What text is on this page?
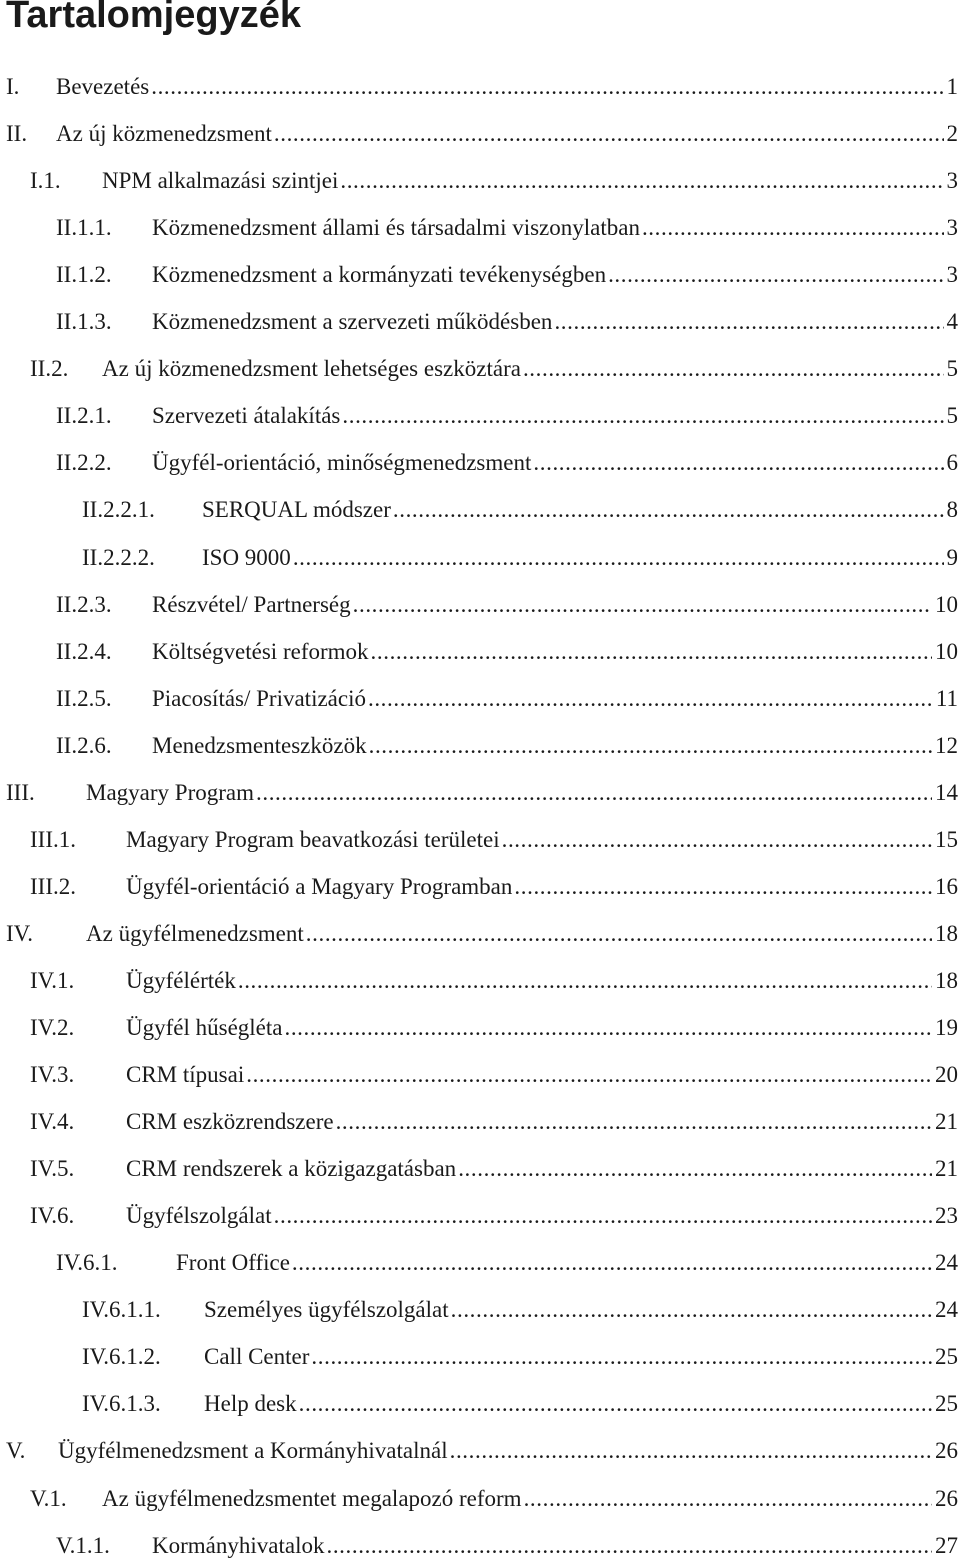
Tartalomjegyzék
I.	Bevezetés .....	1
II.	Az új közmenedzsment .....	2
I.1.	NPM alkalmazási szintjei .....	3
II.1.1.	Közmenedzsment állami és társadalmi viszonylatban .....	3
II.1.2.	Közmenedzsment a kormányzati tevékenységben .....	3
II.1.3.	Közmenedzsment a szervezeti működésben .....	4
II.2.	Az új közmenedzsment lehetséges eszköztára .....	5
II.2.1.	Szervezeti átalakítás .....	5
II.2.2.	Ügyfél-orientáció, minőségmenedzsment .....	6
II.2.2.1.	SERQUAL módszer .....	8
II.2.2.2.	ISO 9000 .....	9
II.2.3.	Részvétel/ Partnerség .....	10
II.2.4.	Költségvetési reformok .....	10
II.2.5.	Piacosítás/ Privatizáció .....	11
II.2.6.	Menedzsmenteszközök .....	12
III.	Magyary Program .....	14
III.1.	Magyary Program beavatkozási területei .....	15
III.2.	Ügyfél-orientáció a Magyary Programban .....	16
IV.	Az ügyfélmenedzsment .....	18
IV.1.	Ügyfélérték .....	18
IV.2.	Ügyfél hűségléta .....	19
IV.3.	CRM típusai .....	20
IV.4.	CRM eszközrendszere .....	21
IV.5.	CRM rendszerek a közigazgatásban .....	21
IV.6.	Ügyfélszolgálat .....	23
IV.6.1.	Front Office .....	24
IV.6.1.1.	Személyes ügyfélszolgálat .....	24
IV.6.1.2.	Call Center .....	25
IV.6.1.3.	Help desk .....	25
V.	Ügyfélmenedzsment a Kormányhivatalnál .....	26
V.1.	Az ügyfélmenedzsmentet megalapozó reform .....	26
V.1.1.	Kormányhivatalok .....	27
